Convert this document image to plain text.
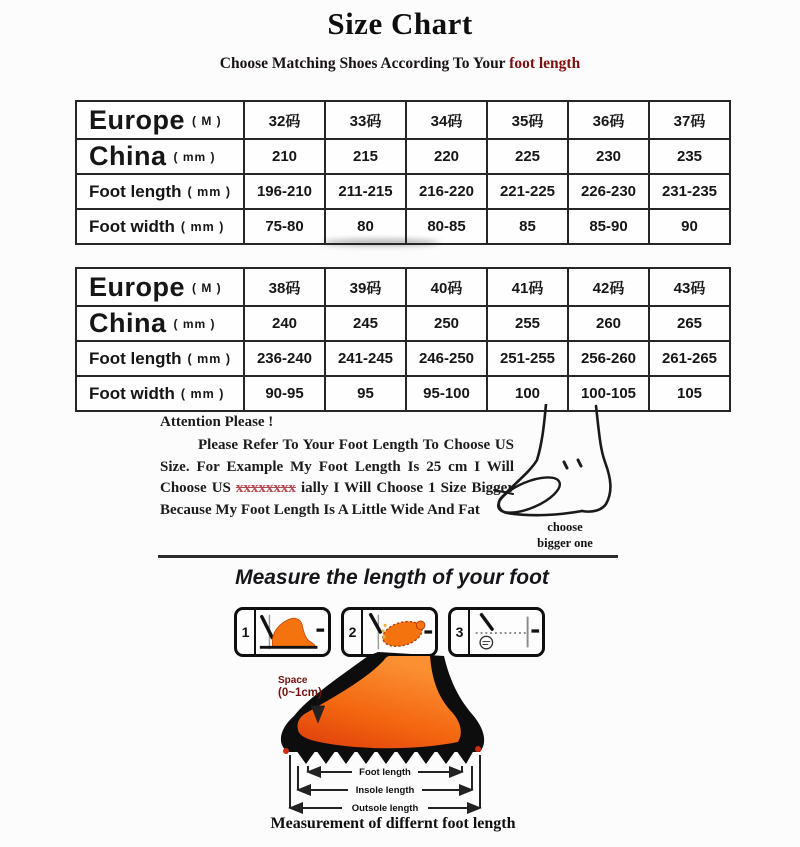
Size Chart
Choose Matching Shoes According To Your foot length
Europe $^{( M )}$	32码	33码	34码	35码	36码	37码
China $^{( mm )}$	210	215	220	225	230	235
Foot length ( mm )	196-210	211-215	216-220	221-225	226-230	231-235
Foot width ( mm )	75-80	80	80-85	85	85-90	90
Europe $^{( M )}$	38码	39码	40码	41码	42码	43码
China $^{( mm )}$	240	245	250	255	260	265
Foot length ( mm )	236-240	241-245	246-250	251-255	256-260	261-265
Foot width ( mm )	90-95	95	95-100	100	100-105	105
Attention Please !

Please Refer To Your Foot Length To Choose US Size. For Example My Foot Length Is 25 cm I Will Choose US xxxxxxxx ially I Will Choose 1 Size Bigger Because My Foot Length Is A Little Wide And Fat

choose
bigger one
Measure the length of your foot
1	2	3
Foot length
Insole length
Outsole length
Space
(0~1cm)
Measurement of differnt foot length
